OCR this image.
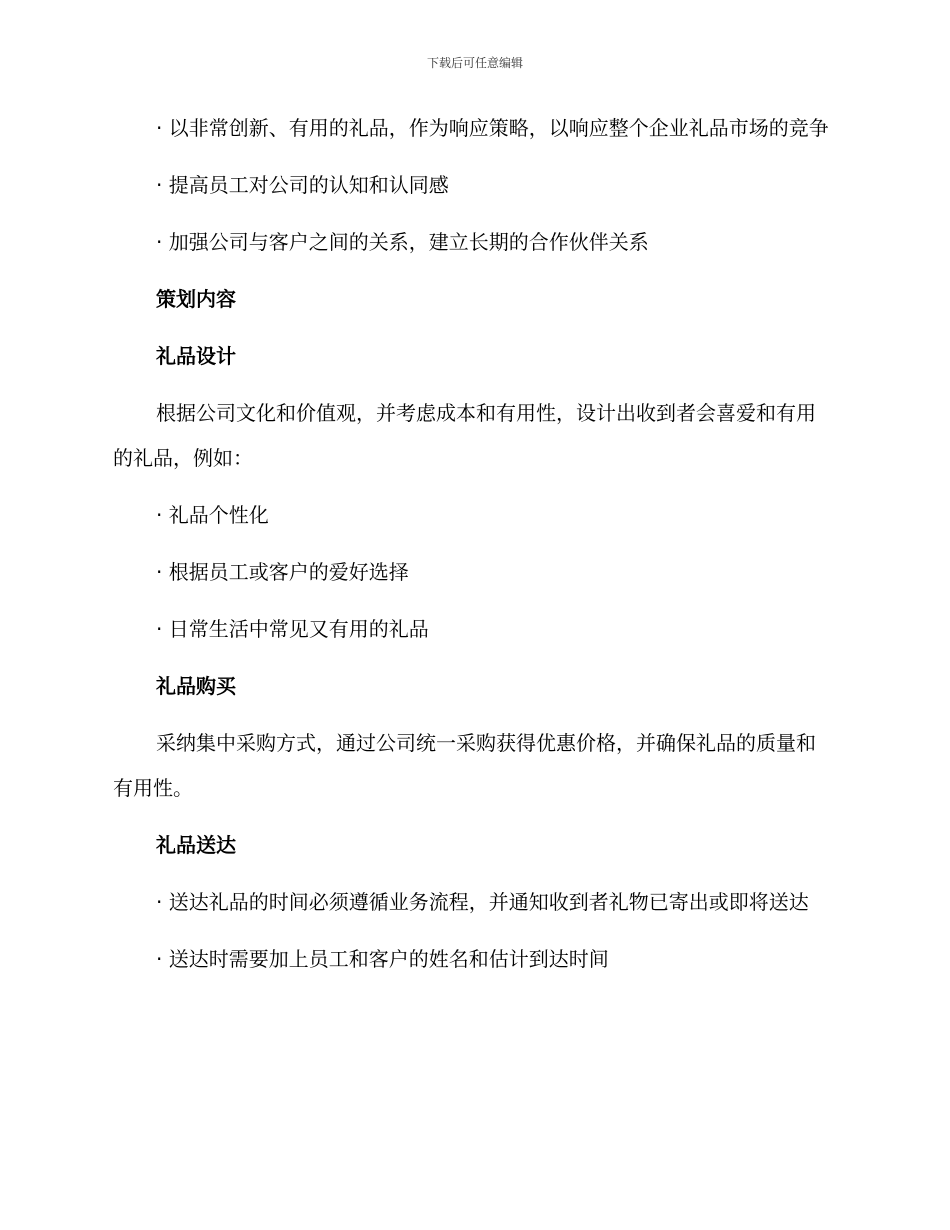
下载后可任意编辑

· 以非常创新、有用的礼品，作为响应策略，以响应整个企业礼品市场的竞争

· 提高员工对公司的认知和认同感

· 加强公司与客户之间的关系，建立长期的合作伙伴关系

策划内容

礼品设计

根据公司文化和价值观，并考虑成本和有用性，设计出收到者会喜爱和有用的礼品，例如：

· 礼品个性化

· 根据员工或客户的爱好选择

· 日常生活中常见又有用的礼品

礼品购买

采纳集中采购方式，通过公司统一采购获得优惠价格，并确保礼品的质量和有用性。

礼品送达

· 送达礼品的时间必须遵循业务流程，并通知收到者礼物已寄出或即将送达

· 送达时需要加上员工和客户的姓名和估计到达时间
